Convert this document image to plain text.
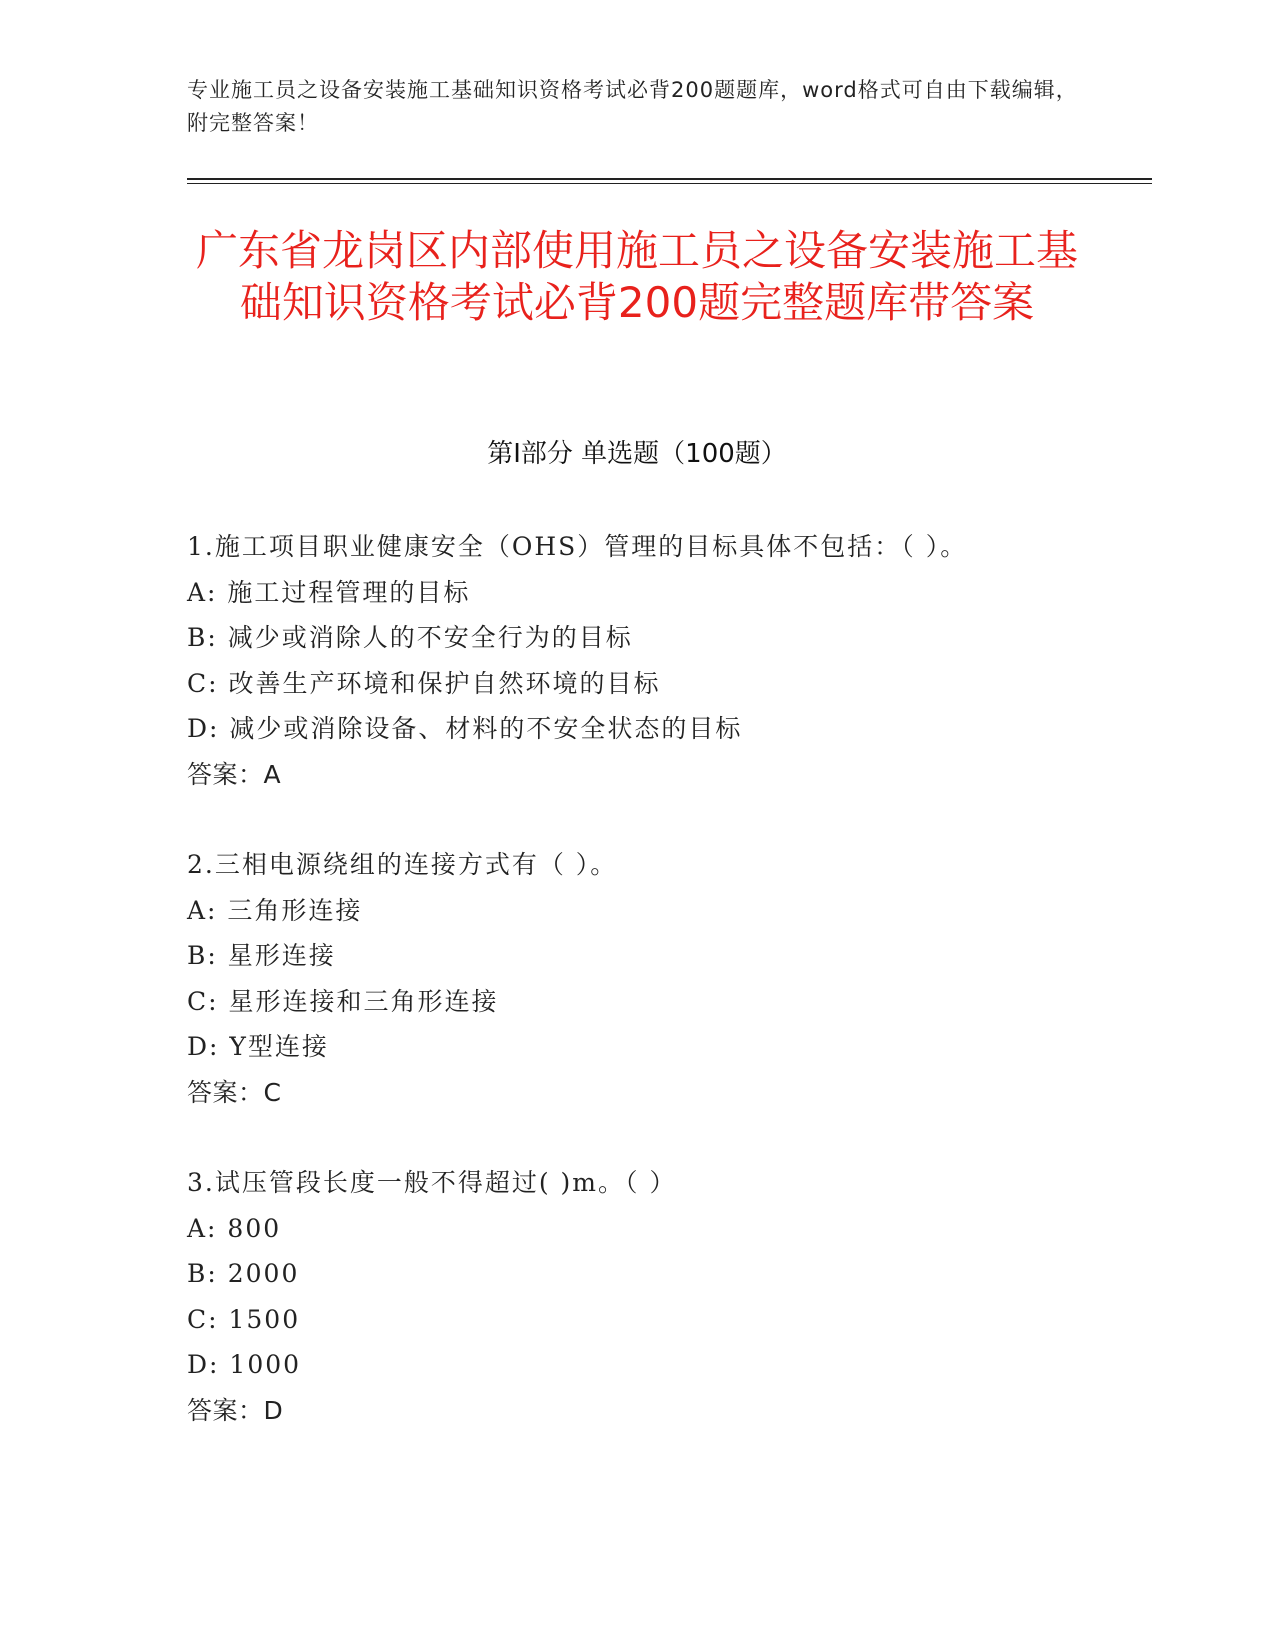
专业施工员之设备安装施工基础知识资格考试必背200题题库，word格式可自由下载编辑，附完整答案！
广东省龙岗区内部使用施工员之设备安装施工基础知识资格考试必背200题完整题库带答案
第Ⅰ部分 单选题（100题）
1.施工项目职业健康安全（OHS）管理的目标具体不包括：（ ）。
A: 施工过程管理的目标
B: 减少或消除人的不安全行为的目标
C: 改善生产环境和保护自然环境的目标
D: 减少或消除设备、材料的不安全状态的目标
答案：A
2.三相电源绕组的连接方式有（ ）。
A: 三角形连接
B: 星形连接
C: 星形连接和三角形连接
D: Y型连接
答案：C
3.试压管段长度一般不得超过( )m。（ ）
A: 800
B: 2000
C: 1500
D: 1000
答案：D
